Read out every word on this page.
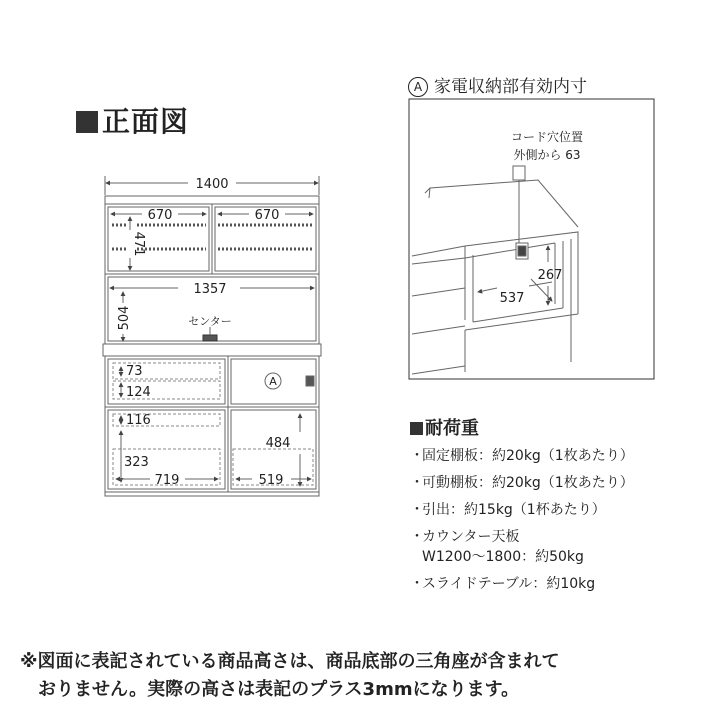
正面図
A 家電収納部有効内寸
1400
670	670
471
1357
504	センター
73
124
116
323
719
A
484
519
コード穴位置
外側から 63
267
537
耐荷重
・固定棚板：約20kg（1枚あたり）
・可動棚板：約20kg（1枚あたり）
・引出：約15kg（1杯あたり）
・カウンター天板
W1200〜1800：約50kg
・スライドテーブル：約10kg
※図面に表記されている商品高さは、商品底部の三角座が含まれて
おりません。実際の高さは表記のプラス3mmになります。
